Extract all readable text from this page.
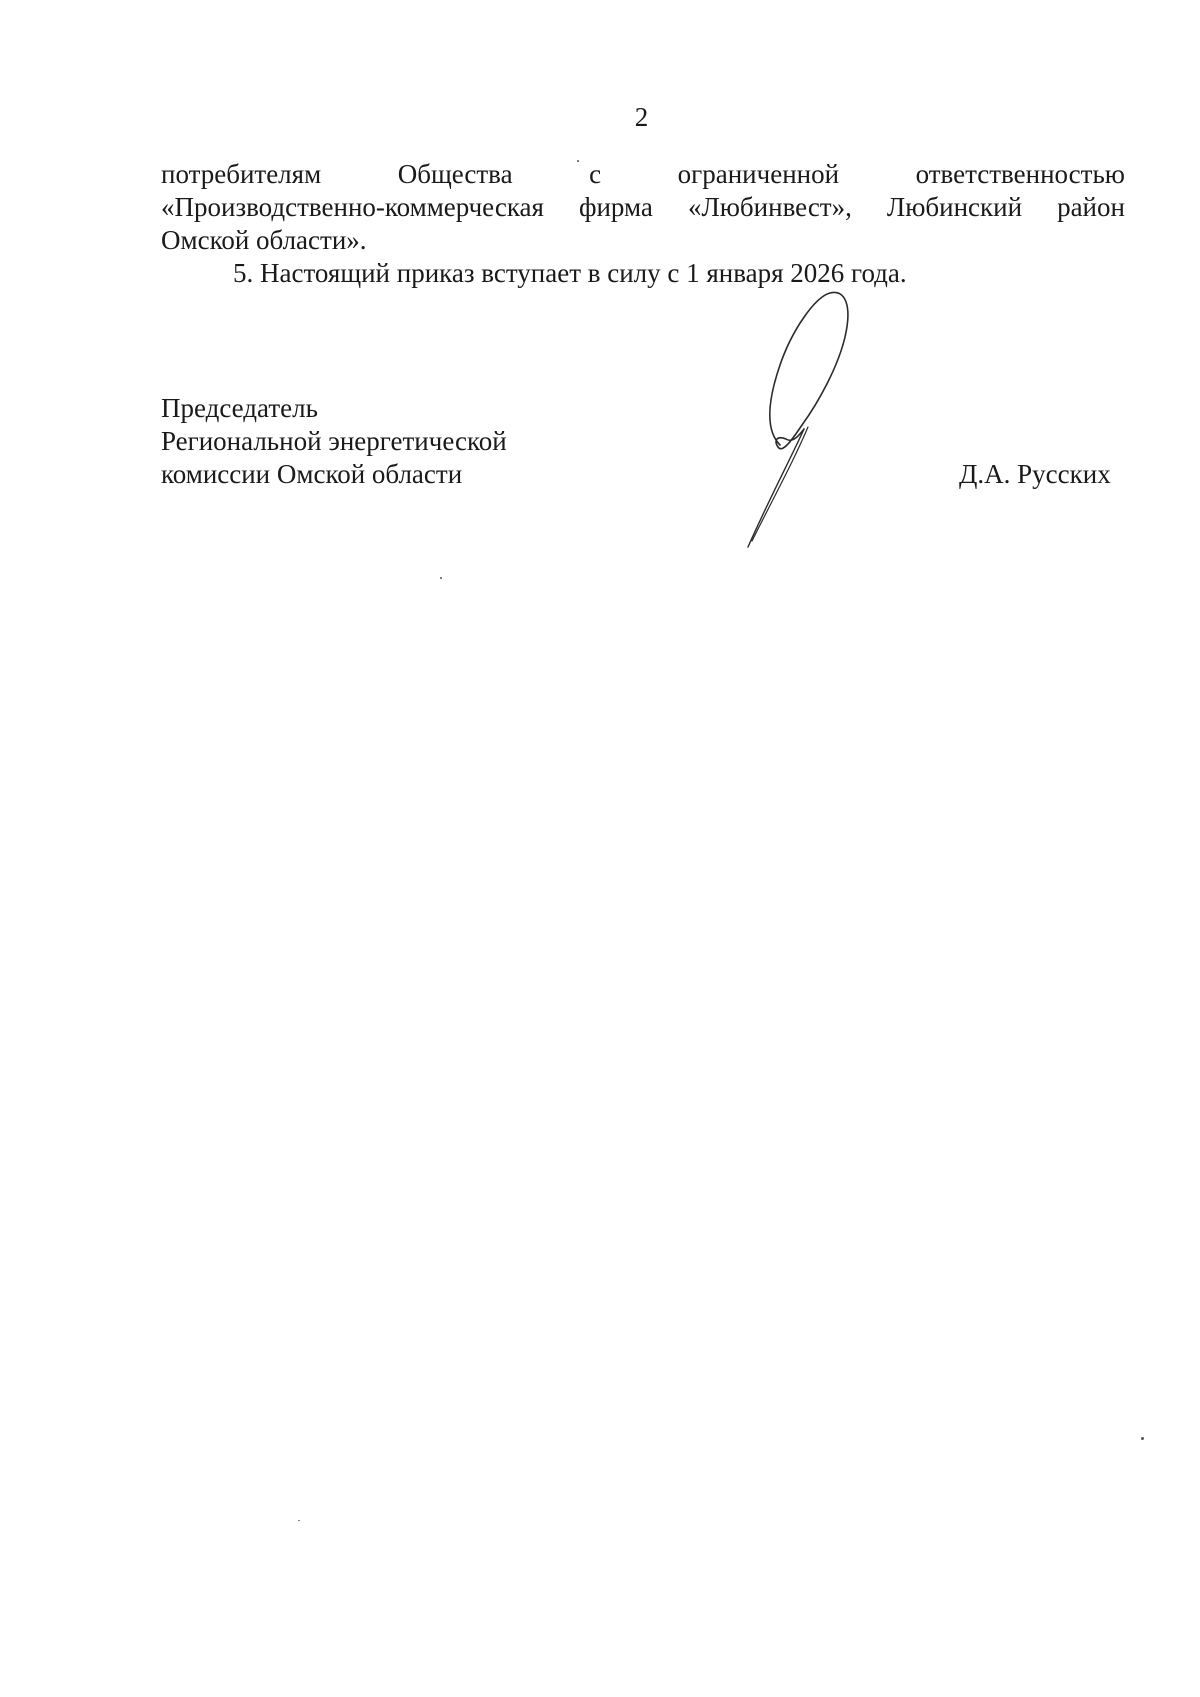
2

потребителям	Общества	с	ограниченной	ответственностью

«Производственно-коммерческая фирма «Любинвест», Любинский район

Омской области».

5. Настоящий приказ вступает в силу с 1 января 2026 года.

Председатель
Региональной энергетической
комиссии Омской области	Д.А. Русских
